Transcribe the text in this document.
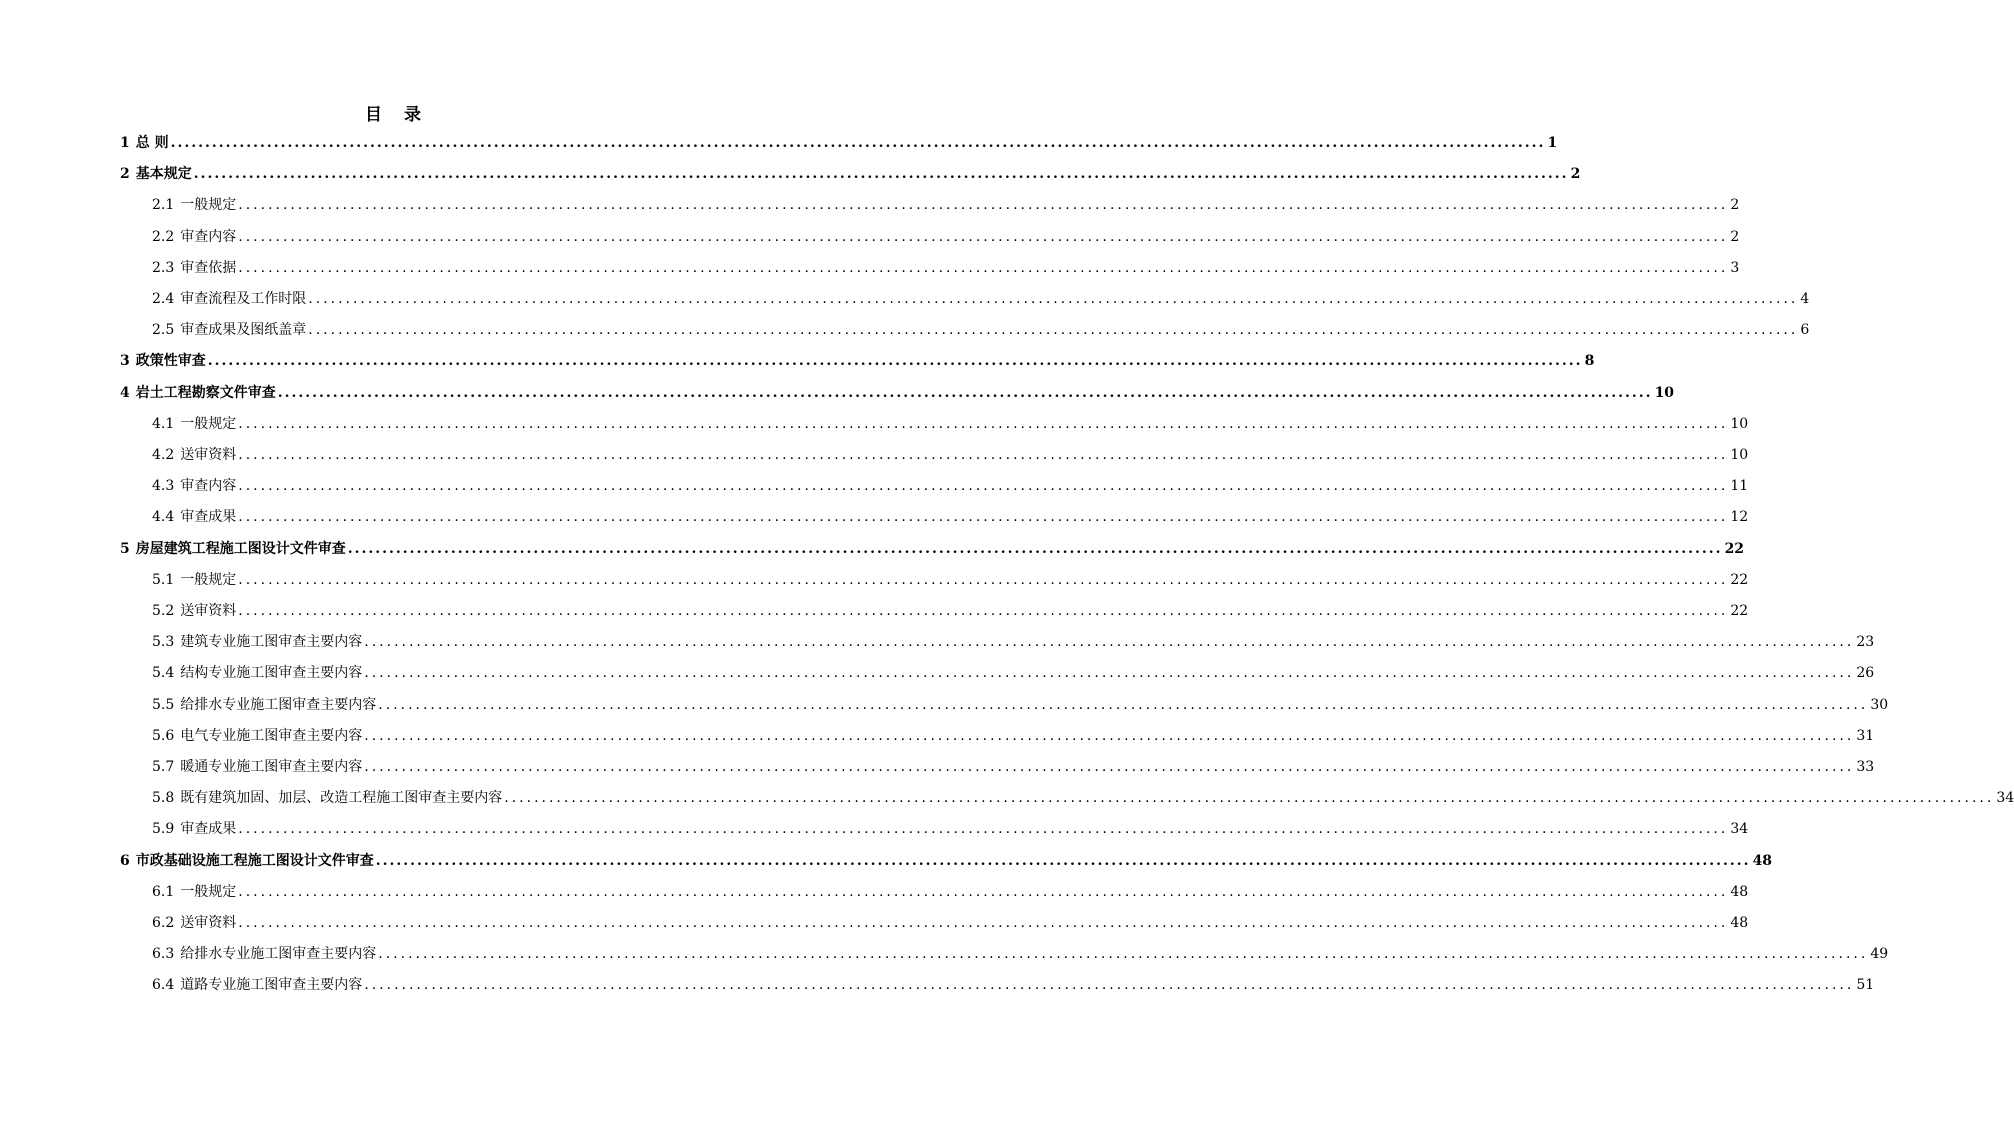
目 录
1 总 则 ........................................................................................................................................................................................................ 1
2 基本规定 ........................................................................................................................................................................................................ 2
2.1 一般规定 ........................................................................................................................................................................................................ 2
2.2 审查内容 ........................................................................................................................................................................................................ 2
2.3 审查依据 ........................................................................................................................................................................................................ 3
2.4 审查流程及工作时限 ........................................................................................................................................................................................................ 4
2.5 审查成果及图纸盖章 ........................................................................................................................................................................................................ 6
3 政策性审查 ........................................................................................................................................................................................................ 8
4 岩土工程勘察文件审查 ........................................................................................................................................................................................................ 10
4.1 一般规定 ........................................................................................................................................................................................................ 10
4.2 送审资料 ........................................................................................................................................................................................................ 10
4.3 审查内容 ........................................................................................................................................................................................................ 11
4.4 审查成果 ........................................................................................................................................................................................................ 12
5 房屋建筑工程施工图设计文件审查 ........................................................................................................................................................................................................ 22
5.1 一般规定 ........................................................................................................................................................................................................ 22
5.2 送审资料 ........................................................................................................................................................................................................ 22
5.3 建筑专业施工图审查主要内容 ........................................................................................................................................................................................................ 23
5.4 结构专业施工图审查主要内容 ........................................................................................................................................................................................................ 26
5.5 给排水专业施工图审查主要内容 ........................................................................................................................................................................................................ 30
5.6 电气专业施工图审查主要内容 ........................................................................................................................................................................................................ 31
5.7 暖通专业施工图审查主要内容 ........................................................................................................................................................................................................ 33
5.8 既有建筑加固、加层、改造工程施工图审查主要内容 ........................................................................................................................................................................................................ 34
5.9 审查成果 ........................................................................................................................................................................................................ 34
6 市政基础设施工程施工图设计文件审查 ........................................................................................................................................................................................................ 48
6.1 一般规定 ........................................................................................................................................................................................................ 48
6.2 送审资料 ........................................................................................................................................................................................................ 48
6.3 给排水专业施工图审查主要内容 ........................................................................................................................................................................................................ 49
6.4 道路专业施工图审查主要内容 ........................................................................................................................................................................................................ 51
